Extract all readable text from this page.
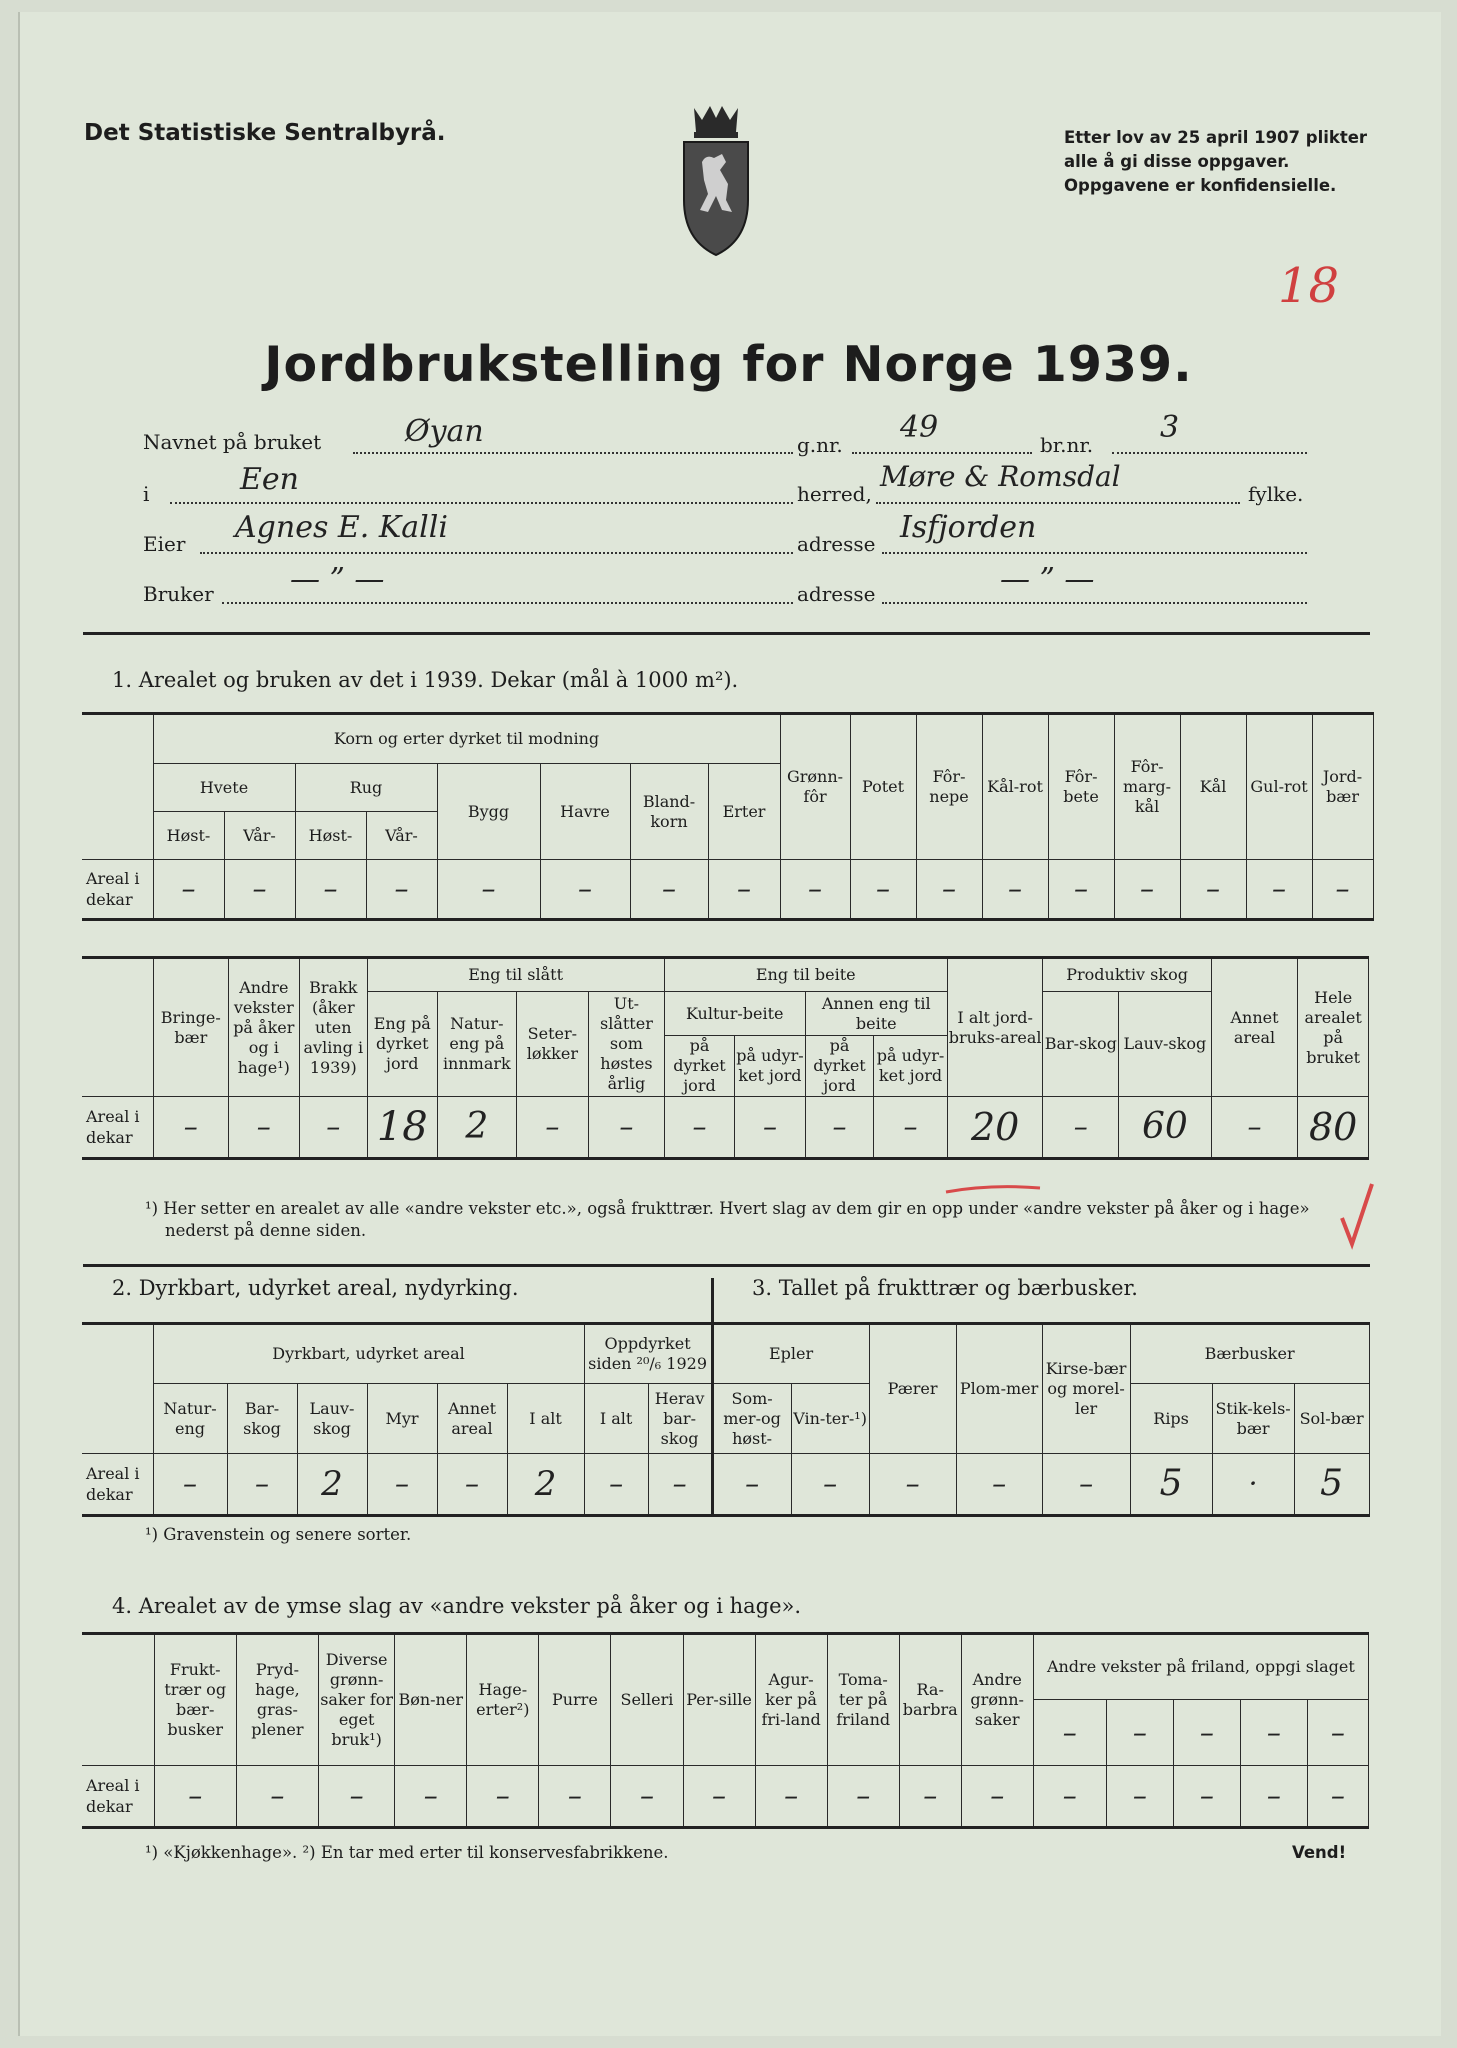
Det Statistiske Sentralbyrå.	Etter lov av 25 april 1907 plikter
alle å gi disse oppgaver.
Oppgavene er konfidensielle.
18
Jordbrukstelling for Norge 1939.
Navnet på bruket	Øyan	g.nr. 49	br.nr. 3
i	Een	herred,
Møre & Romsdal
fylke.
Eier Agnes E. Kalli	adresse Isfjorden
Bruker	— ” —	adresse	— ” —
1. Arealet og bruken av det i 1939. Dekar (mål à 1000 m²).
	Korn og erter dyrket til modning								Grønn-fôr	Potet	Fôr-nepe	Kål-rot	Fôr-bete	Fôr-marg-kål	Kål	Gul-rot	Jord-bær
	Hvete		Rug		Bygg	Havre	Bland-korn	Erter									
	Høst-	Vår-	Høst-	Vår-													
Areal i dekar	–	–	–	–	–	–	–	–	–	–	–	–	–	–	–	–	–
	Bringe-bær	Andre vekster på åker og i hage¹)	Brakk (åker uten avling i 1939)	Eng til slått				Eng til beite				I alt jord-bruks-areal	Produktiv skog		Annet areal	Hele arealet på bruket
				Eng på dyrket jord	Natur-eng på innmark	Seter-løkker	Ut-slåtter som høstes årlig	Kultur-beite		Annen eng til beite			Bar-skog	Lauv-skog		
								på dyrket jord	på udyr-ket jord	på dyrket jord	på udyr-ket jord					
Areal i dekar	–	–	–	18	2	–	–	–	–	–	–	20	–	60	–	80
¹) Her setter en arealet av alle «andre vekster etc.», også frukttrær. Hvert slag av dem gir en opp under «andre vekster på åker og i hage» nederst på denne siden.
2. Dyrkbart, udyrket areal, nydyrking.	3. Tallet på frukttrær og bærbusker.
	Dyrkbart, udyrket areal						Oppdyrket siden ²⁰/₆ 1929		Epler		Pærer	Plom-mer	Kirse-bær og morel-ler	Bærbusker		
	Natur-eng	Bar-skog	Lauv-skog	Myr	Annet areal	I alt	I alt	Herav bar-skog	Som-mer-og høst-	Vin-ter-¹)				Rips	Stik-kels-bær	Sol-bær
Areal i dekar	–	–	2	–	–	2	–	–	–	–	–	–	–	5	·	5
¹) Gravenstein og senere sorter.
4. Arealet av de ymse slag av «andre vekster på åker og i hage».
	Frukt-trær og bær-busker	Pryd-hage, gras-plener	Diverse grønn-saker for eget bruk¹)	Bøn-ner	Hage-erter²)	Purre	Selleri	Per-sille	Agur-ker på fri-land	Toma-ter på friland	Ra-barbra	Andre grønn-saker	Andre vekster på friland, oppgi slaget				
													–	–	–	–	–
Areal i dekar	–	–	–	–	–	–	–	–	–	–	–	–	–	–	–	–	–
¹) «Kjøkkenhage». ²) En tar med erter til konservesfabrikkene.	Vend!
